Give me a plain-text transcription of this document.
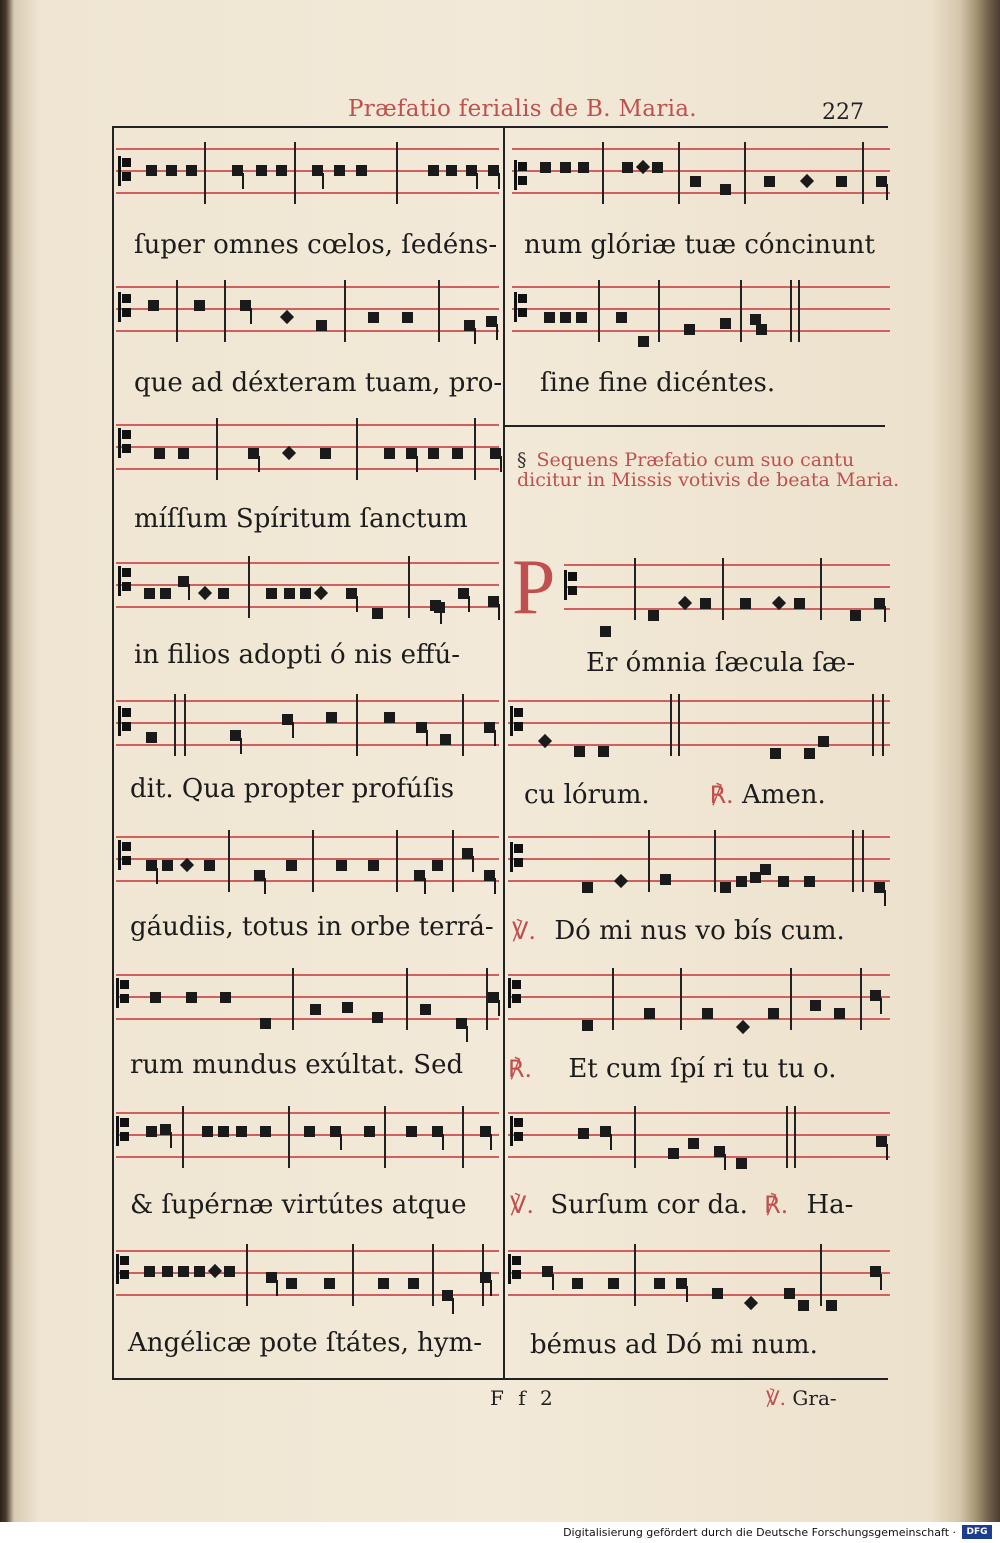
Præfatio ferialis de B. Maria.	227
ſuper omnes cœlos, ſedéns-
que ad déxteram tuam, pro-
míſſum Spíritum ſanctum
in filios adopti ó nis effú-
dit. Qua propter profúſis
gáudiis, totus in orbe terrá-
rum mundus exúltat. Sed
& ſupérnæ virtútes atque
Angélicæ pote ſtátes, hym-
num glóriæ tuæ cóncinunt
ſine fine dicéntes.
§ Sequens Præfatio cum suo cantu dicitur in Missis votivis de beata Maria.
P
Er ómnia ſæcula ſæ-
cu lórum.	℟. Amen.
℣. Dó mi nus vo bís cum.
℟. Et cum ſpí ri tu tu o.
℣. Surſum cor da. ℟. Ha-
bémus ad Dó mi num.
F f 2	℣. Gra-
Digitalisierung gefördert durch die Deutsche Forschungsgemeinschaft ·	DFG
